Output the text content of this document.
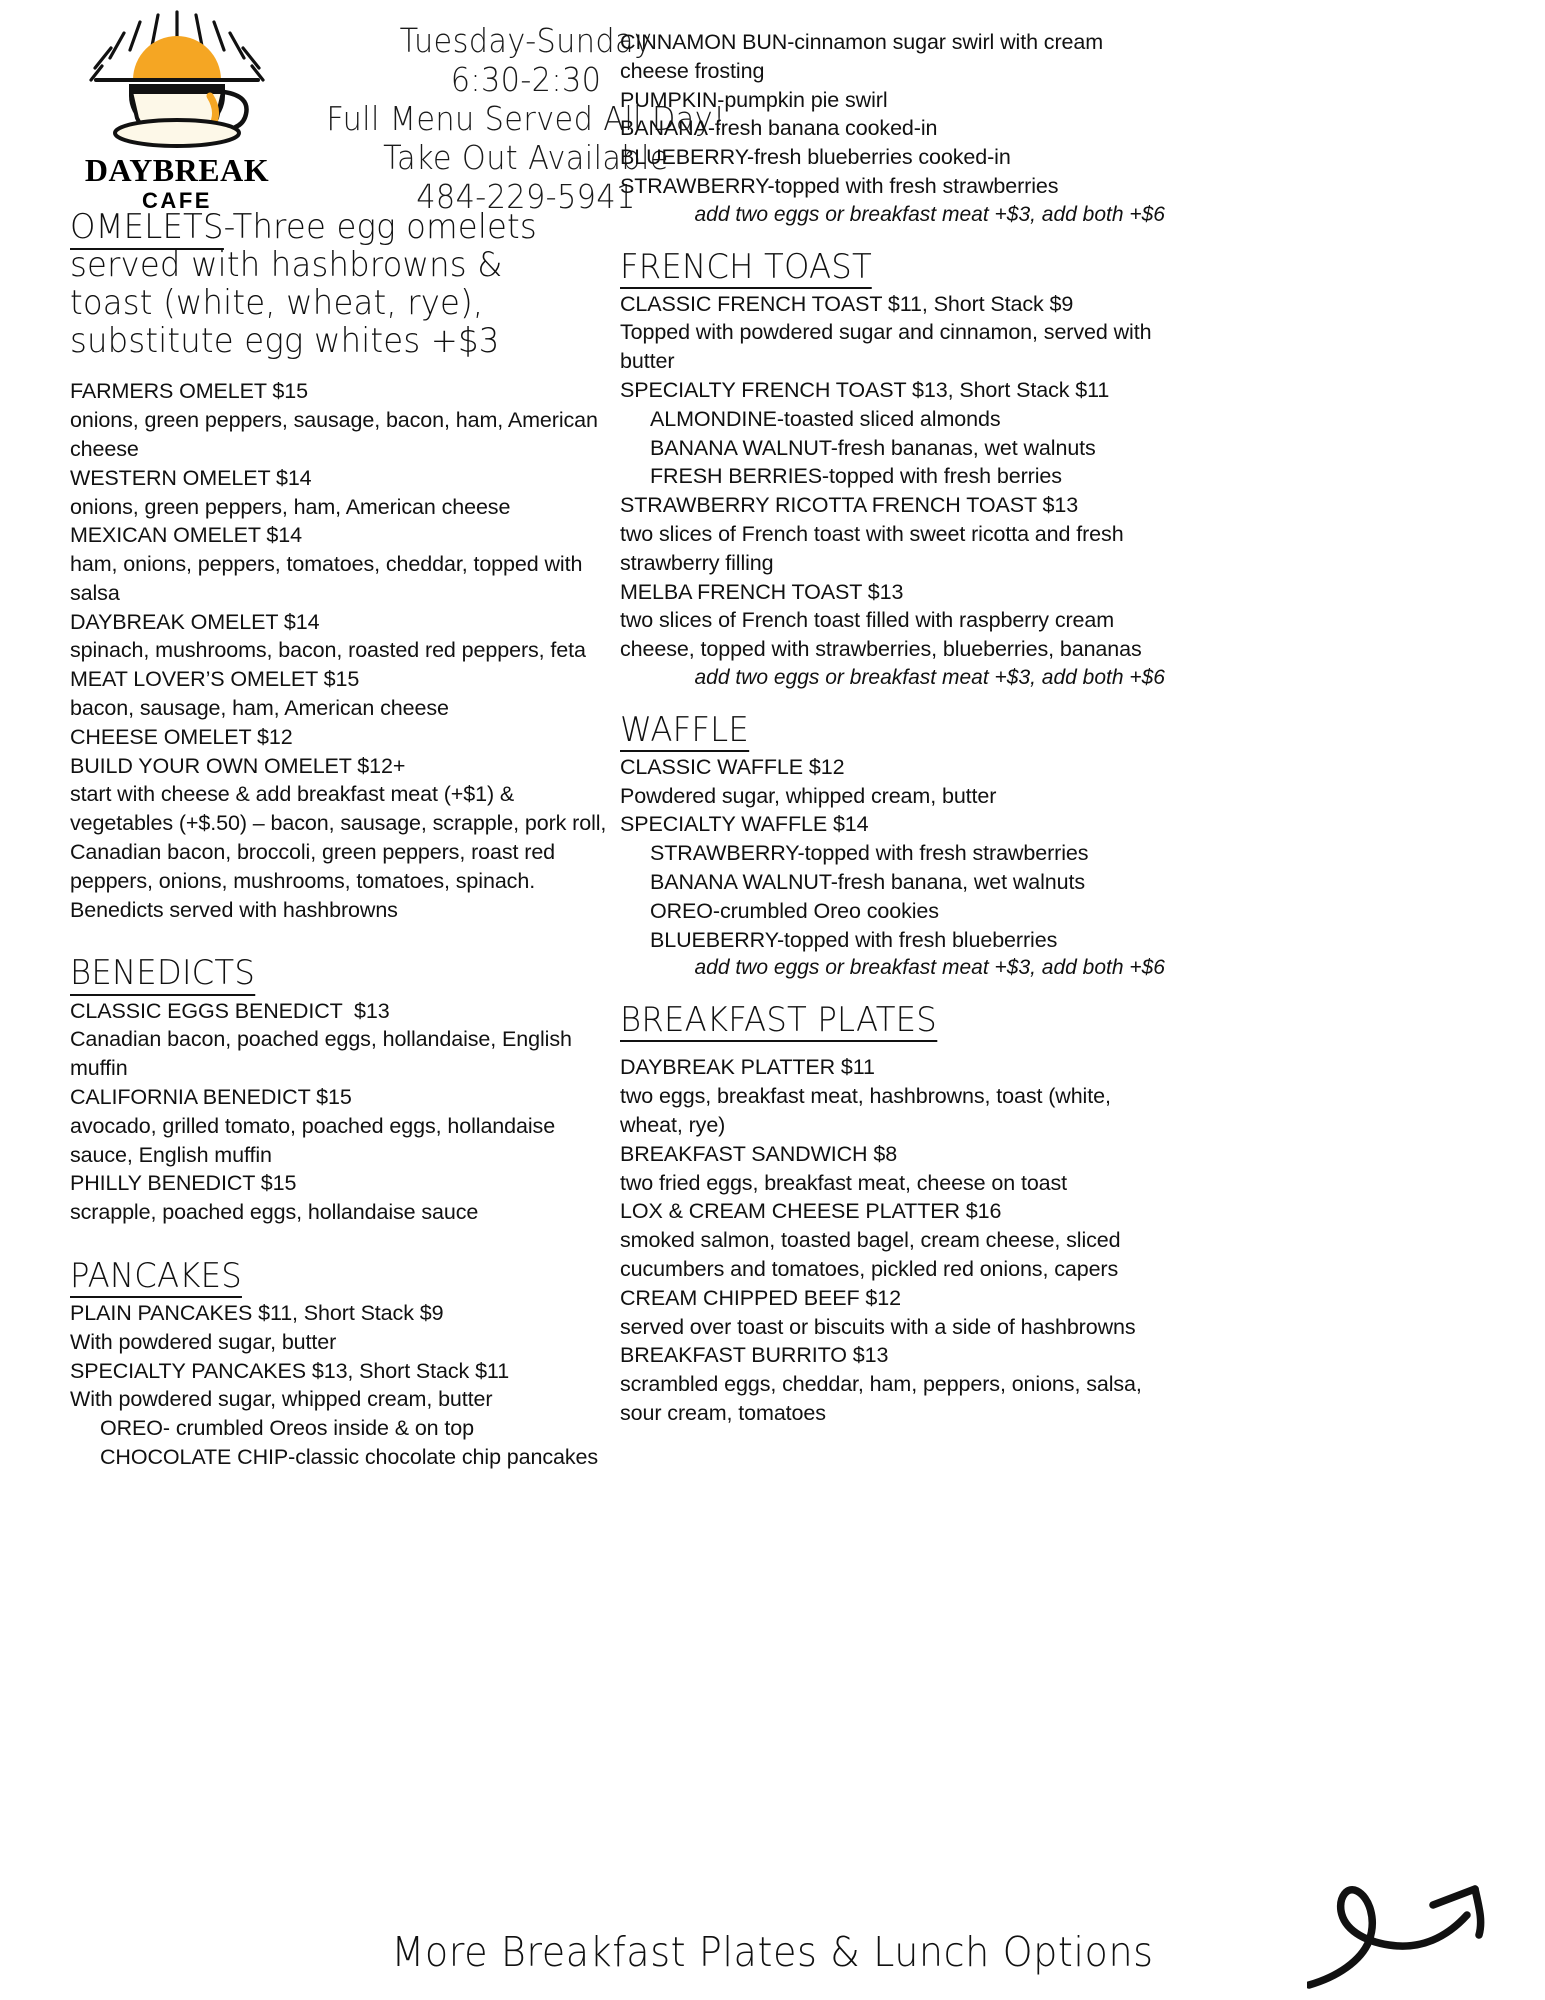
DAYBREAK
CAFE
Tuesday-Sunday
6:30-2:30
Full Menu Served All Day!
Take Out Available
484-229-5941
OMELETS-Three egg omelets served with hashbrowns & toast (white, wheat, rye), substitute egg whites +$3
FARMERS OMELET $15
onions, green peppers, sausage, bacon, ham, American cheese
WESTERN OMELET $14
onions, green peppers, ham, American cheese
MEXICAN OMELET $14
ham, onions, peppers, tomatoes, cheddar, topped with salsa
DAYBREAK OMELET $14
spinach, mushrooms, bacon, roasted red peppers, feta
MEAT LOVER’S OMELET $15
bacon, sausage, ham, American cheese
CHEESE OMELET $12
BUILD YOUR OWN OMELET $12+
start with cheese & add breakfast meat (+$1) & vegetables (+$.50) – bacon, sausage, scrapple, pork roll, Canadian bacon, broccoli, green peppers, roast red peppers, onions, mushrooms, tomatoes, spinach. Benedicts served with hashbrowns
BENEDICTS
CLASSIC EGGS BENEDICT  $13
Canadian bacon, poached eggs, hollandaise, English muffin
CALIFORNIA BENEDICT $15
avocado, grilled tomato, poached eggs, hollandaise sauce, English muffin
PHILLY BENEDICT $15
scrapple, poached eggs, hollandaise sauce
PANCAKES
PLAIN PANCAKES $11, Short Stack $9
With powdered sugar, butter
SPECIALTY PANCAKES $13, Short Stack $11
With powdered sugar, whipped cream, butter
OREO- crumbled Oreos inside & on top
CHOCOLATE CHIP-classic chocolate chip pancakes
CINNAMON BUN-cinnamon sugar swirl with cream cheese frosting
PUMPKIN-pumpkin pie swirl
BANANA-fresh banana cooked-in
BLUEBERRY-fresh blueberries cooked-in
STRAWBERRY-topped with fresh strawberries
add two eggs or breakfast meat +$3, add both +$6
FRENCH TOAST
CLASSIC FRENCH TOAST $11, Short Stack $9
Topped with powdered sugar and cinnamon, served with butter
SPECIALTY FRENCH TOAST $13, Short Stack $11
ALMONDINE-toasted sliced almonds
BANANA WALNUT-fresh bananas, wet walnuts
FRESH BERRIES-topped with fresh berries
STRAWBERRY RICOTTA FRENCH TOAST $13
two slices of French toast with sweet ricotta and fresh strawberry filling
MELBA FRENCH TOAST $13
two slices of French toast filled with raspberry cream cheese, topped with strawberries, blueberries, bananas
add two eggs or breakfast meat +$3, add both +$6
WAFFLE
CLASSIC WAFFLE $12
Powdered sugar, whipped cream, butter
SPECIALTY WAFFLE $14
STRAWBERRY-topped with fresh strawberries
BANANA WALNUT-fresh banana, wet walnuts
OREO-crumbled Oreo cookies
BLUEBERRY-topped with fresh blueberries
add two eggs or breakfast meat +$3, add both +$6
BREAKFAST PLATES
DAYBREAK PLATTER $11
two eggs, breakfast meat, hashbrowns, toast (white, wheat, rye)
BREAKFAST SANDWICH $8
two fried eggs, breakfast meat, cheese on toast
LOX & CREAM CHEESE PLATTER $16
smoked salmon, toasted bagel, cream cheese, sliced cucumbers and tomatoes, pickled red onions, capers
CREAM CHIPPED BEEF $12
served over toast or biscuits with a side of hashbrowns
BREAKFAST BURRITO $13
scrambled eggs, cheddar, ham, peppers, onions, salsa, sour cream, tomatoes
More Breakfast Plates & Lunch Options
